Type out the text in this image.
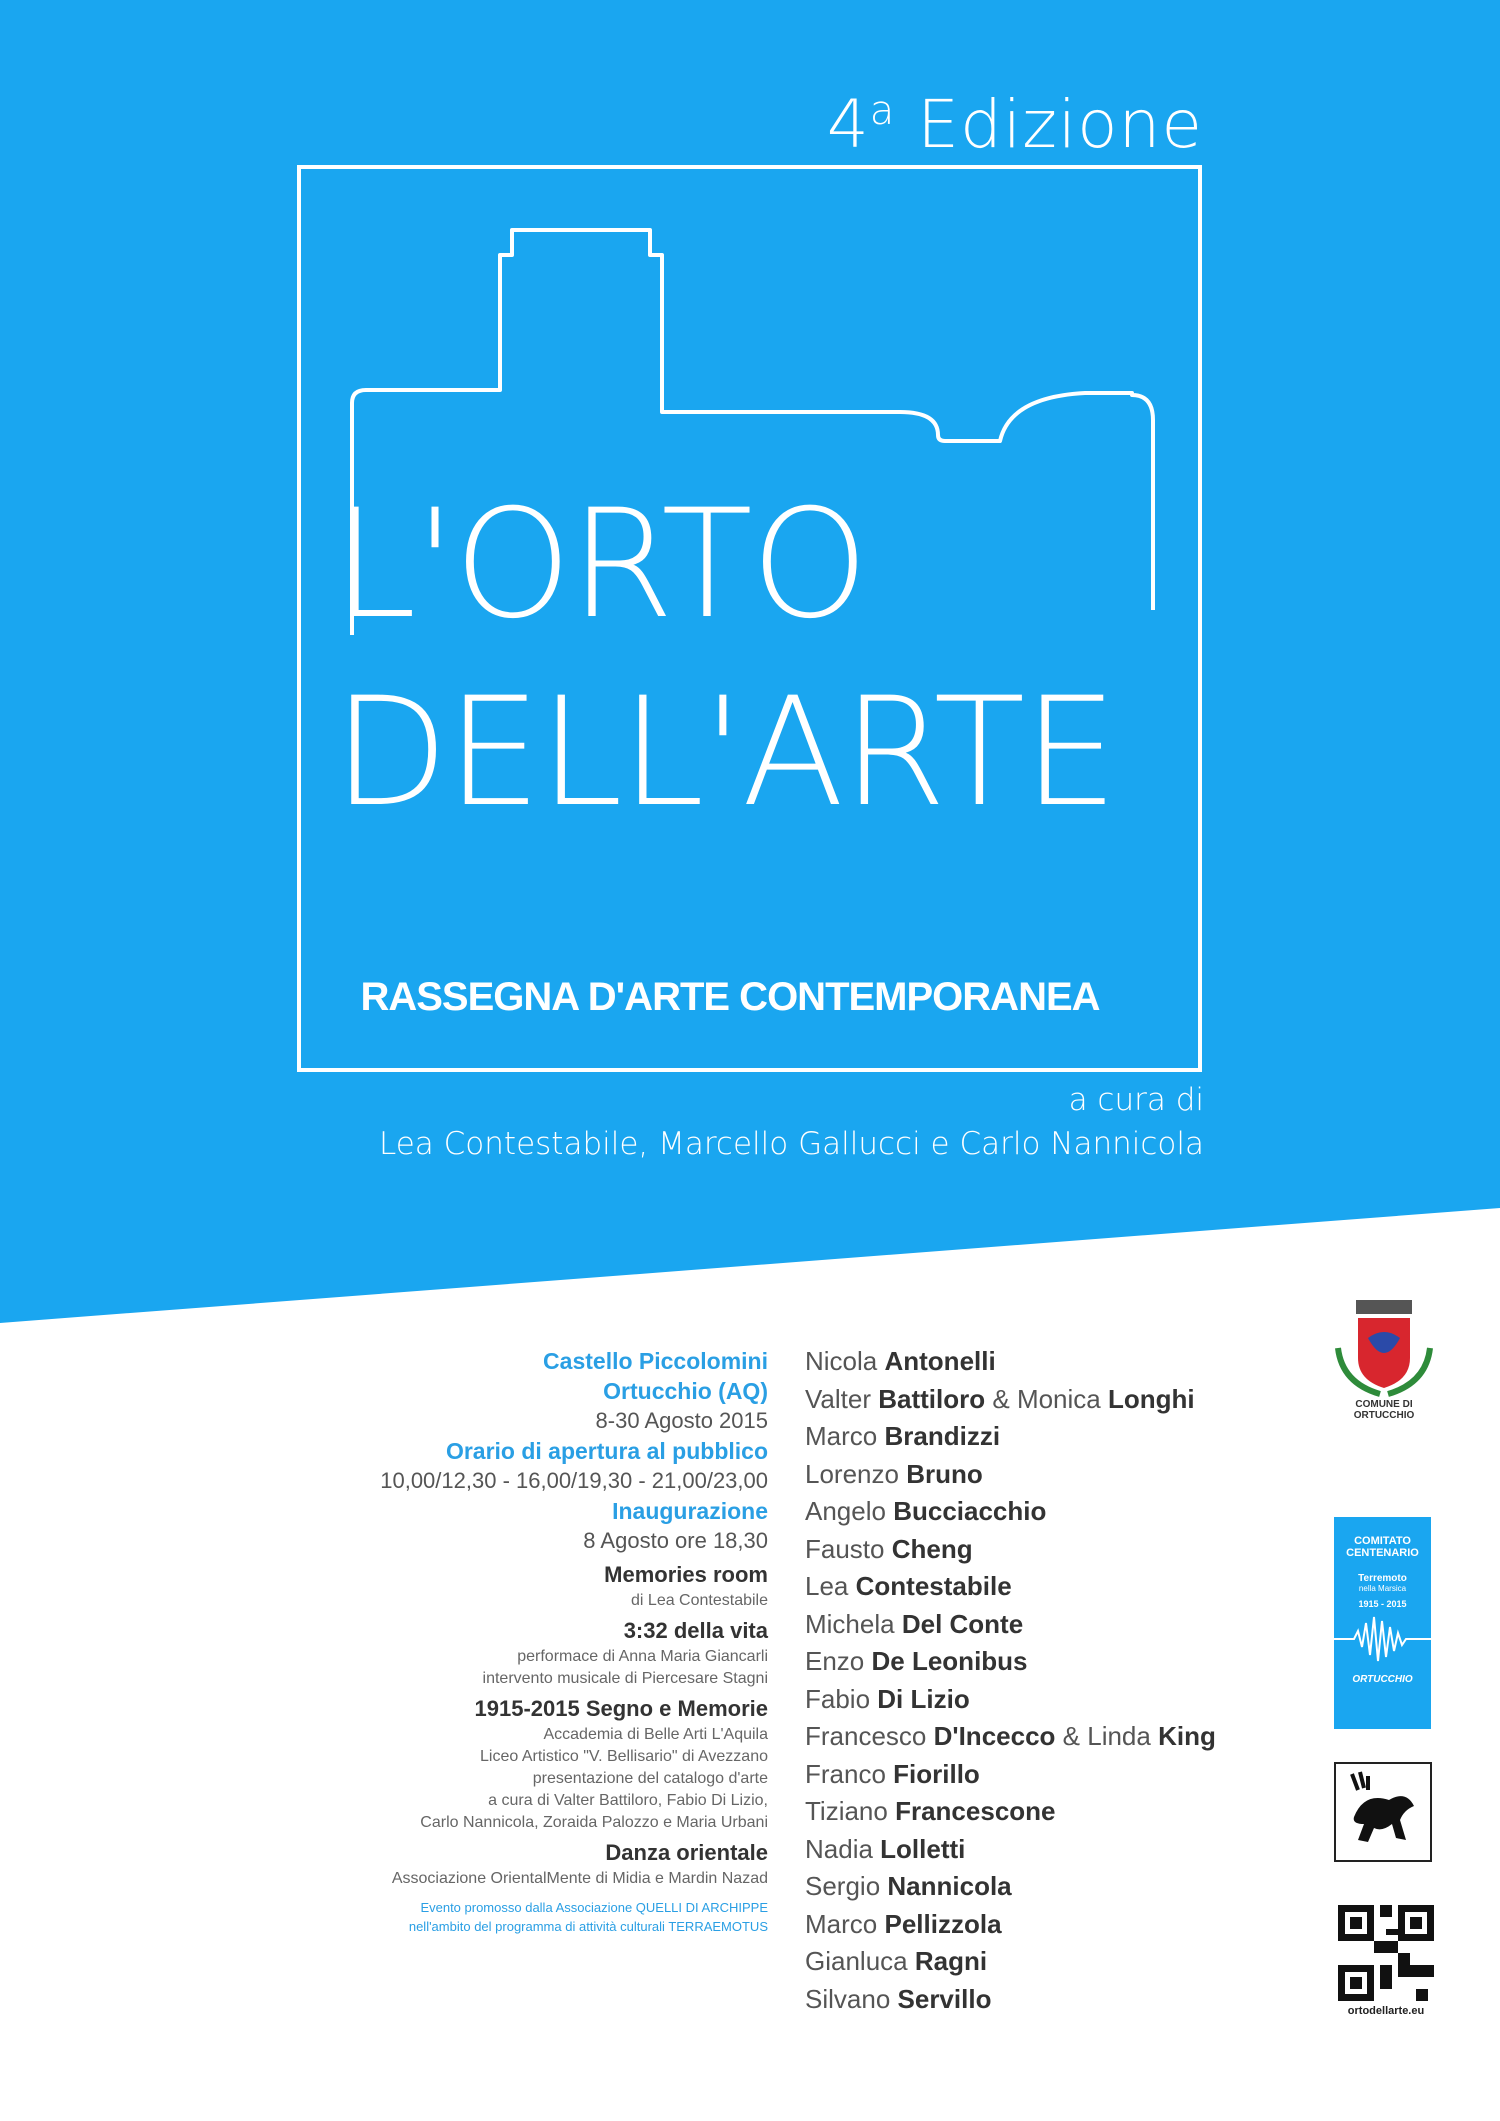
4$^a$ Edizione
L'ORTO
DELL'ARTE
RASSEGNA D'ARTE CONTEMPORANEA
a cura di
Lea Contestabile, Marcello Gallucci e Carlo Nannicola
Castello Piccolomini
Ortucchio (AQ)
8-30 Agosto 2015
Orario di apertura al pubblico
10,00/12,30 - 16,00/19,30 - 21,00/23,00
Inaugurazione
8 Agosto ore 18,30
Memories room
di Lea Contestabile
3:32 della vita
performace di Anna Maria Giancarli
intervento musicale di Piercesare Stagni
1915-2015 Segno e Memorie
Accademia di Belle Arti L'Aquila
Liceo Artistico "V. Bellisario" di Avezzano
presentazione del catalogo d'arte
a cura di Valter Battiloro, Fabio Di Lizio,
Carlo Nannicola, Zoraida Palozzo e Maria Urbani
Danza orientale
Associazione OrientalMente di Midia e Mardin Nazad
Evento promosso dalla Associazione QUELLI DI ARCHIPPE
nell'ambito del programma di attività culturali TERRAEMOTUS
Nicola Antonelli
Valter Battiloro & Monica Longhi
Marco Brandizzi
Lorenzo Bruno
Angelo Bucciacchio
Fausto Cheng
Lea Contestabile
Michela Del Conte
Enzo De Leonibus
Fabio Di Lizio
Francesco D'Incecco & Linda King
Franco Fiorillo
Tiziano Francescone
Nadia Lolletti
Sergio Nannicola
Marco Pellizzola
Gianluca Ragni
Silvano Servillo
COMUNE DI
ORTUCCHIO
COMITATO
CENTENARIO
Terremoto
nella Marsica
1915 - 2015
ORTUCCHIO
ortodellarte.eu
